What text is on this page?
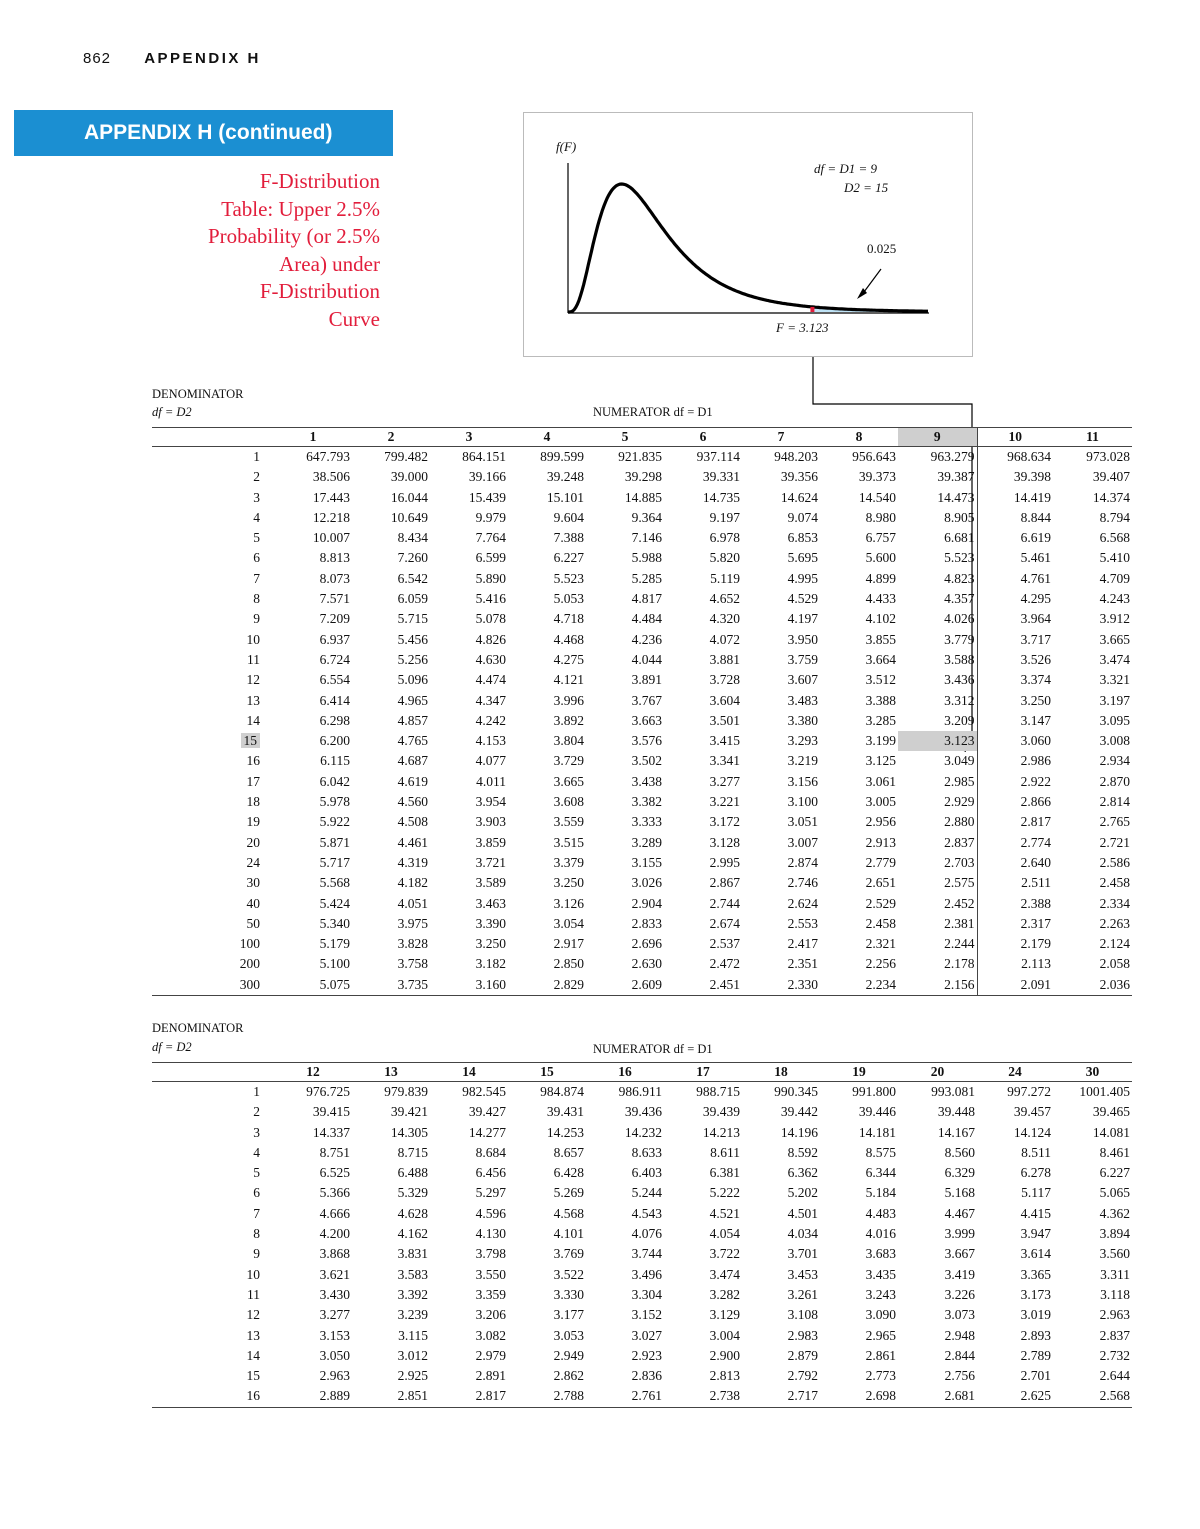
862 APPENDIX H
APPENDIX H (continued)
F-Distribution
Table: Upper 2.5%
Probability (or 2.5%
Area) under
F-Distribution
Curve
f(F)
df = D1 = 9
D2 = 15
0.025
F = 3.123
DENOMINATOR
df = D2	NUMERATOR df = D1
	1	2	3	4	5	6	7	8	9	10	11
1	647.793	799.482	864.151	899.599	921.835	937.114	948.203	956.643	963.279	968.634	973.028
2	38.506	39.000	39.166	39.248	39.298	39.331	39.356	39.373	39.387	39.398	39.407
3	17.443	16.044	15.439	15.101	14.885	14.735	14.624	14.540	14.473	14.419	14.374
4	12.218	10.649	9.979	9.604	9.364	9.197	9.074	8.980	8.905	8.844	8.794
5	10.007	8.434	7.764	7.388	7.146	6.978	6.853	6.757	6.681	6.619	6.568
6	8.813	7.260	6.599	6.227	5.988	5.820	5.695	5.600	5.523	5.461	5.410
7	8.073	6.542	5.890	5.523	5.285	5.119	4.995	4.899	4.823	4.761	4.709
8	7.571	6.059	5.416	5.053	4.817	4.652	4.529	4.433	4.357	4.295	4.243
9	7.209	5.715	5.078	4.718	4.484	4.320	4.197	4.102	4.026	3.964	3.912
10	6.937	5.456	4.826	4.468	4.236	4.072	3.950	3.855	3.779	3.717	3.665
11	6.724	5.256	4.630	4.275	4.044	3.881	3.759	3.664	3.588	3.526	3.474
12	6.554	5.096	4.474	4.121	3.891	3.728	3.607	3.512	3.436	3.374	3.321
13	6.414	4.965	4.347	3.996	3.767	3.604	3.483	3.388	3.312	3.250	3.197
14	6.298	4.857	4.242	3.892	3.663	3.501	3.380	3.285	3.209	3.147	3.095
15	6.200	4.765	4.153	3.804	3.576	3.415	3.293	3.199	3.123	3.060	3.008
16	6.115	4.687	4.077	3.729	3.502	3.341	3.219	3.125	3.049	2.986	2.934
17	6.042	4.619	4.011	3.665	3.438	3.277	3.156	3.061	2.985	2.922	2.870
18	5.978	4.560	3.954	3.608	3.382	3.221	3.100	3.005	2.929	2.866	2.814
19	5.922	4.508	3.903	3.559	3.333	3.172	3.051	2.956	2.880	2.817	2.765
20	5.871	4.461	3.859	3.515	3.289	3.128	3.007	2.913	2.837	2.774	2.721
24	5.717	4.319	3.721	3.379	3.155	2.995	2.874	2.779	2.703	2.640	2.586
30	5.568	4.182	3.589	3.250	3.026	2.867	2.746	2.651	2.575	2.511	2.458
40	5.424	4.051	3.463	3.126	2.904	2.744	2.624	2.529	2.452	2.388	2.334
50	5.340	3.975	3.390	3.054	2.833	2.674	2.553	2.458	2.381	2.317	2.263
100	5.179	3.828	3.250	2.917	2.696	2.537	2.417	2.321	2.244	2.179	2.124
200	5.100	3.758	3.182	2.850	2.630	2.472	2.351	2.256	2.178	2.113	2.058
300	5.075	3.735	3.160	2.829	2.609	2.451	2.330	2.234	2.156	2.091	2.036
DENOMINATOR
df = D2	NUMERATOR df = D1
	12	13	14	15	16	17	18	19	20	24	30
1	976.725	979.839	982.545	984.874	986.911	988.715	990.345	991.800	993.081	997.272	1001.405
2	39.415	39.421	39.427	39.431	39.436	39.439	39.442	39.446	39.448	39.457	39.465
3	14.337	14.305	14.277	14.253	14.232	14.213	14.196	14.181	14.167	14.124	14.081
4	8.751	8.715	8.684	8.657	8.633	8.611	8.592	8.575	8.560	8.511	8.461
5	6.525	6.488	6.456	6.428	6.403	6.381	6.362	6.344	6.329	6.278	6.227
6	5.366	5.329	5.297	5.269	5.244	5.222	5.202	5.184	5.168	5.117	5.065
7	4.666	4.628	4.596	4.568	4.543	4.521	4.501	4.483	4.467	4.415	4.362
8	4.200	4.162	4.130	4.101	4.076	4.054	4.034	4.016	3.999	3.947	3.894
9	3.868	3.831	3.798	3.769	3.744	3.722	3.701	3.683	3.667	3.614	3.560
10	3.621	3.583	3.550	3.522	3.496	3.474	3.453	3.435	3.419	3.365	3.311
11	3.430	3.392	3.359	3.330	3.304	3.282	3.261	3.243	3.226	3.173	3.118
12	3.277	3.239	3.206	3.177	3.152	3.129	3.108	3.090	3.073	3.019	2.963
13	3.153	3.115	3.082	3.053	3.027	3.004	2.983	2.965	2.948	2.893	2.837
14	3.050	3.012	2.979	2.949	2.923	2.900	2.879	2.861	2.844	2.789	2.732
15	2.963	2.925	2.891	2.862	2.836	2.813	2.792	2.773	2.756	2.701	2.644
16	2.889	2.851	2.817	2.788	2.761	2.738	2.717	2.698	2.681	2.625	2.568
